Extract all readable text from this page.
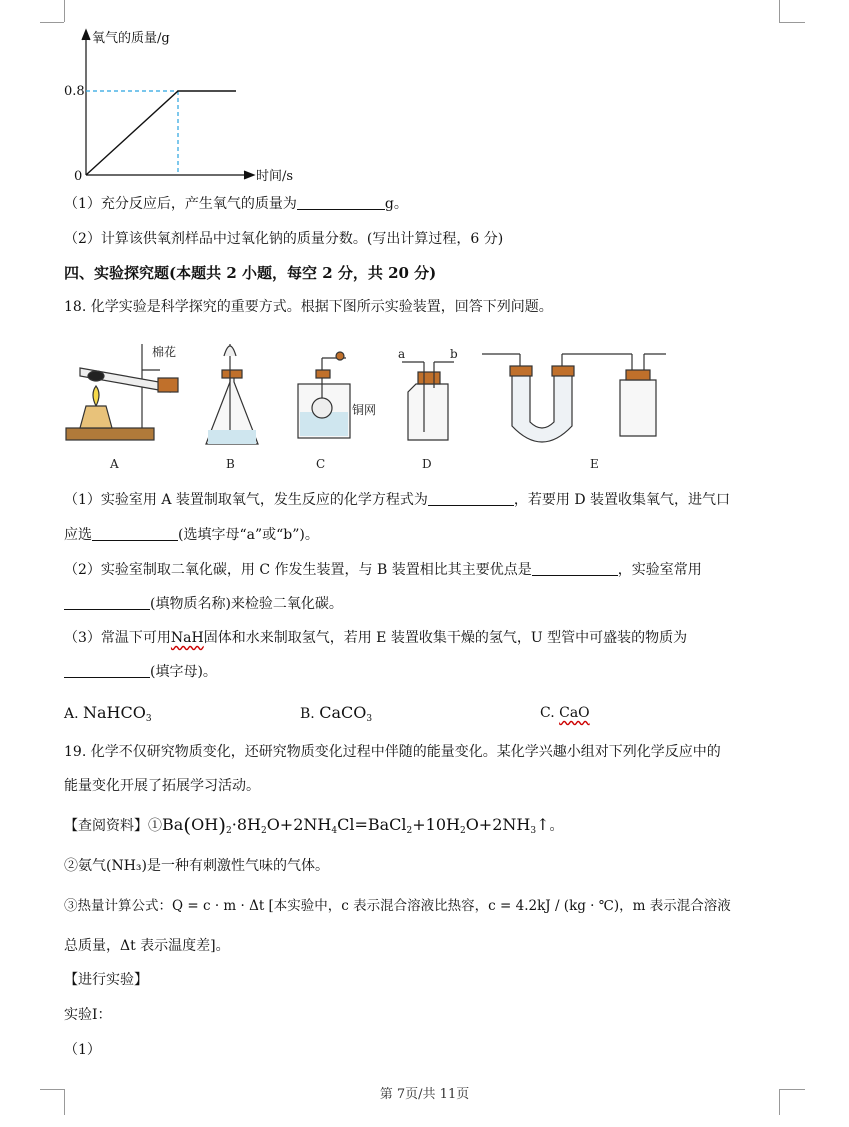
氧气的质量/g
0.8
0	时间/s
（1）充分反应后，产生氧气的质量为	g。
（2）计算该供氧剂样品中过氧化钠的质量分数。(写出计算过程，6 分)
四、实验探究题(本题共 2 小题，每空 2 分，共 20 分)
18. 化学实验是科学探究的重要方式。根据下图所示实验装置，回答下列问题。
棉花
铜网
a	b
A	B	C	D	E
（1）实验室用 A 装置制取氧气，发生反应的化学方程式为	，若要用 D 装置收集氧气，进气口
应选	(选填字母“a”或“b”)。
（2）实验室制取二氧化碳，用 C 作发生装置，与 B 装置相比其主要优点是	，实验室常用
(填物质名称)来检验二氧化碳。
（3）常温下可用NaH固体和水来制取氢气，若用 E 装置收集干燥的氢气，U 型管中可盛装的物质为
(填字母)。
A. NaHCO$_3$	B. CaCO$_3$	C. CaO
19. 化学不仅研究物质变化，还研究物质变化过程中伴随的能量变化。某化学兴趣小组对下列化学反应中的
能量变化开展了拓展学习活动。
【查阅资料】$①Ba(OH)_2\cdot 8H_2O+2NH_4Cl=BaCl_2+10H_2O+2NH_3↑$。
②氨气(NH₃)是一种有刺激性气味的气体。
③热量计算公式：Q = c · m · Δt [本实验中，c 表示混合溶液比热容，c = 4.2kJ / (kg · ℃)，m 表示混合溶液
总质量，Δt 表示温度差]。
【进行实验】
实验Ⅰ：
（1）
第 7页/共 11页
